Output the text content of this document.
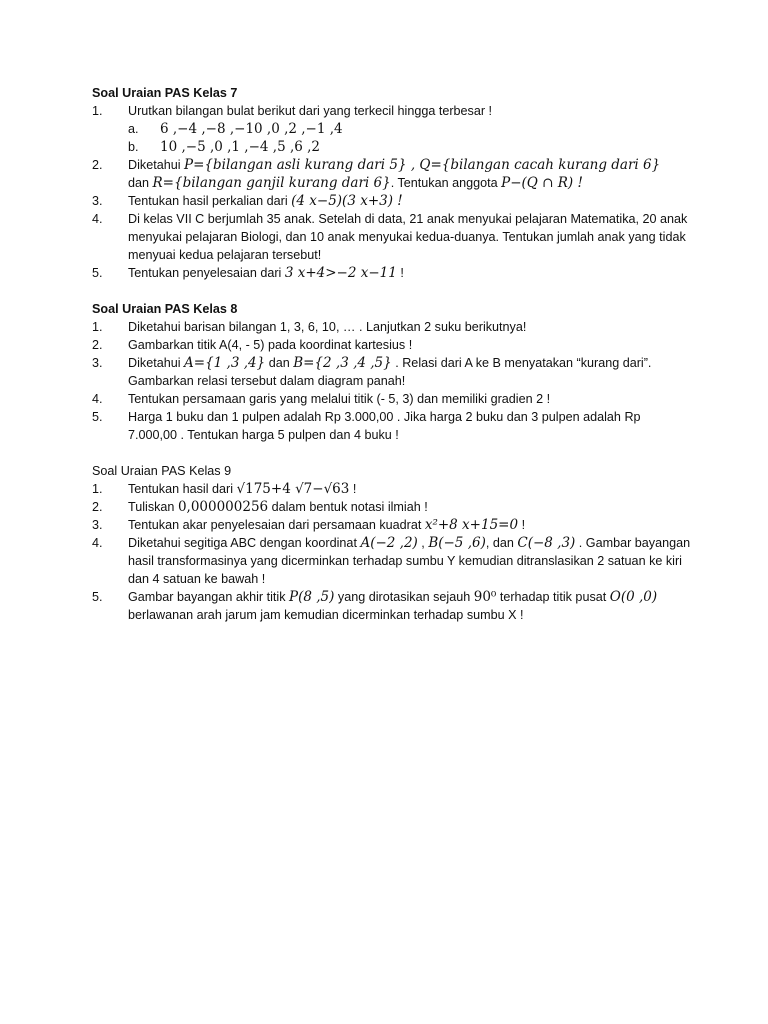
Soal Uraian PAS Kelas 7
1. Urutkan bilangan bulat berikut dari yang terkecil hingga terbesar !
a. 6 ,−4 ,−8 ,−10 ,0 ,2 ,−1 ,4
b. 10 ,−5 ,0 ,1 ,−4 ,5 ,6 ,2
2. Diketahui P={bilangan asli kurang dari 5} , Q={bilangan cacah kurang dari 6}
dan R={bilangan ganjil kurang dari 6}. Tentukan anggota P−(Q ∩ R) !
3. Tentukan hasil perkalian dari (4 x−5)(3 x+3) !
4. Di kelas VII C berjumlah 35 anak. Setelah di data, 21 anak menyukai pelajaran Matematika, 20 anak menyukai pelajaran Biologi, dan 10 anak menyukai kedua-duanya. Tentukan jumlah anak yang tidak menyuai kedua pelajaran tersebut!
5. Tentukan penyelesaian dari 3 x+4>−2 x−11 !
Soal Uraian PAS Kelas 8
1. Diketahui barisan bilangan 1, 3, 6, 10, … . Lanjutkan 2 suku berikutnya!
2. Gambarkan titik A(4, - 5) pada koordinat kartesius !
3. Diketahui A={1 ,3 ,4} dan B={2 ,3 ,4 ,5} . Relasi dari A ke B menyatakan “kurang dari”. Gambarkan relasi tersebut dalam diagram panah!
4. Tentukan persamaan garis yang melalui titik (- 5, 3) dan memiliki gradien 2 !
5. Harga 1 buku dan 1 pulpen adalah Rp 3.000,00 . Jika harga 2 buku dan 3 pulpen adalah Rp 7.000,00 . Tentukan harga 5 pulpen dan 4 buku !
Soal Uraian PAS Kelas 9
1. Tentukan hasil dari √175+4 √7−√63 !
2. Tuliskan 0,000000256 dalam bentuk notasi ilmiah !
3. Tentukan akar penyelesaian dari persamaan kuadrat x²+8 x+15=0 !
4. Diketahui segitiga ABC dengan koordinat A(−2 ,2) , B(−5 ,6), dan C(−8 ,3) . Gambar bayangan hasil transformasinya yang dicerminkan terhadap sumbu Y kemudian ditranslasikan 2 satuan ke kiri dan 4 satuan ke bawah !
5. Gambar bayangan akhir titik P(8 ,5) yang dirotasikan sejauh 90⁰ terhadap titik pusat O(0 ,0)
berlawanan arah jarum jam kemudian dicerminkan terhadap sumbu X !
